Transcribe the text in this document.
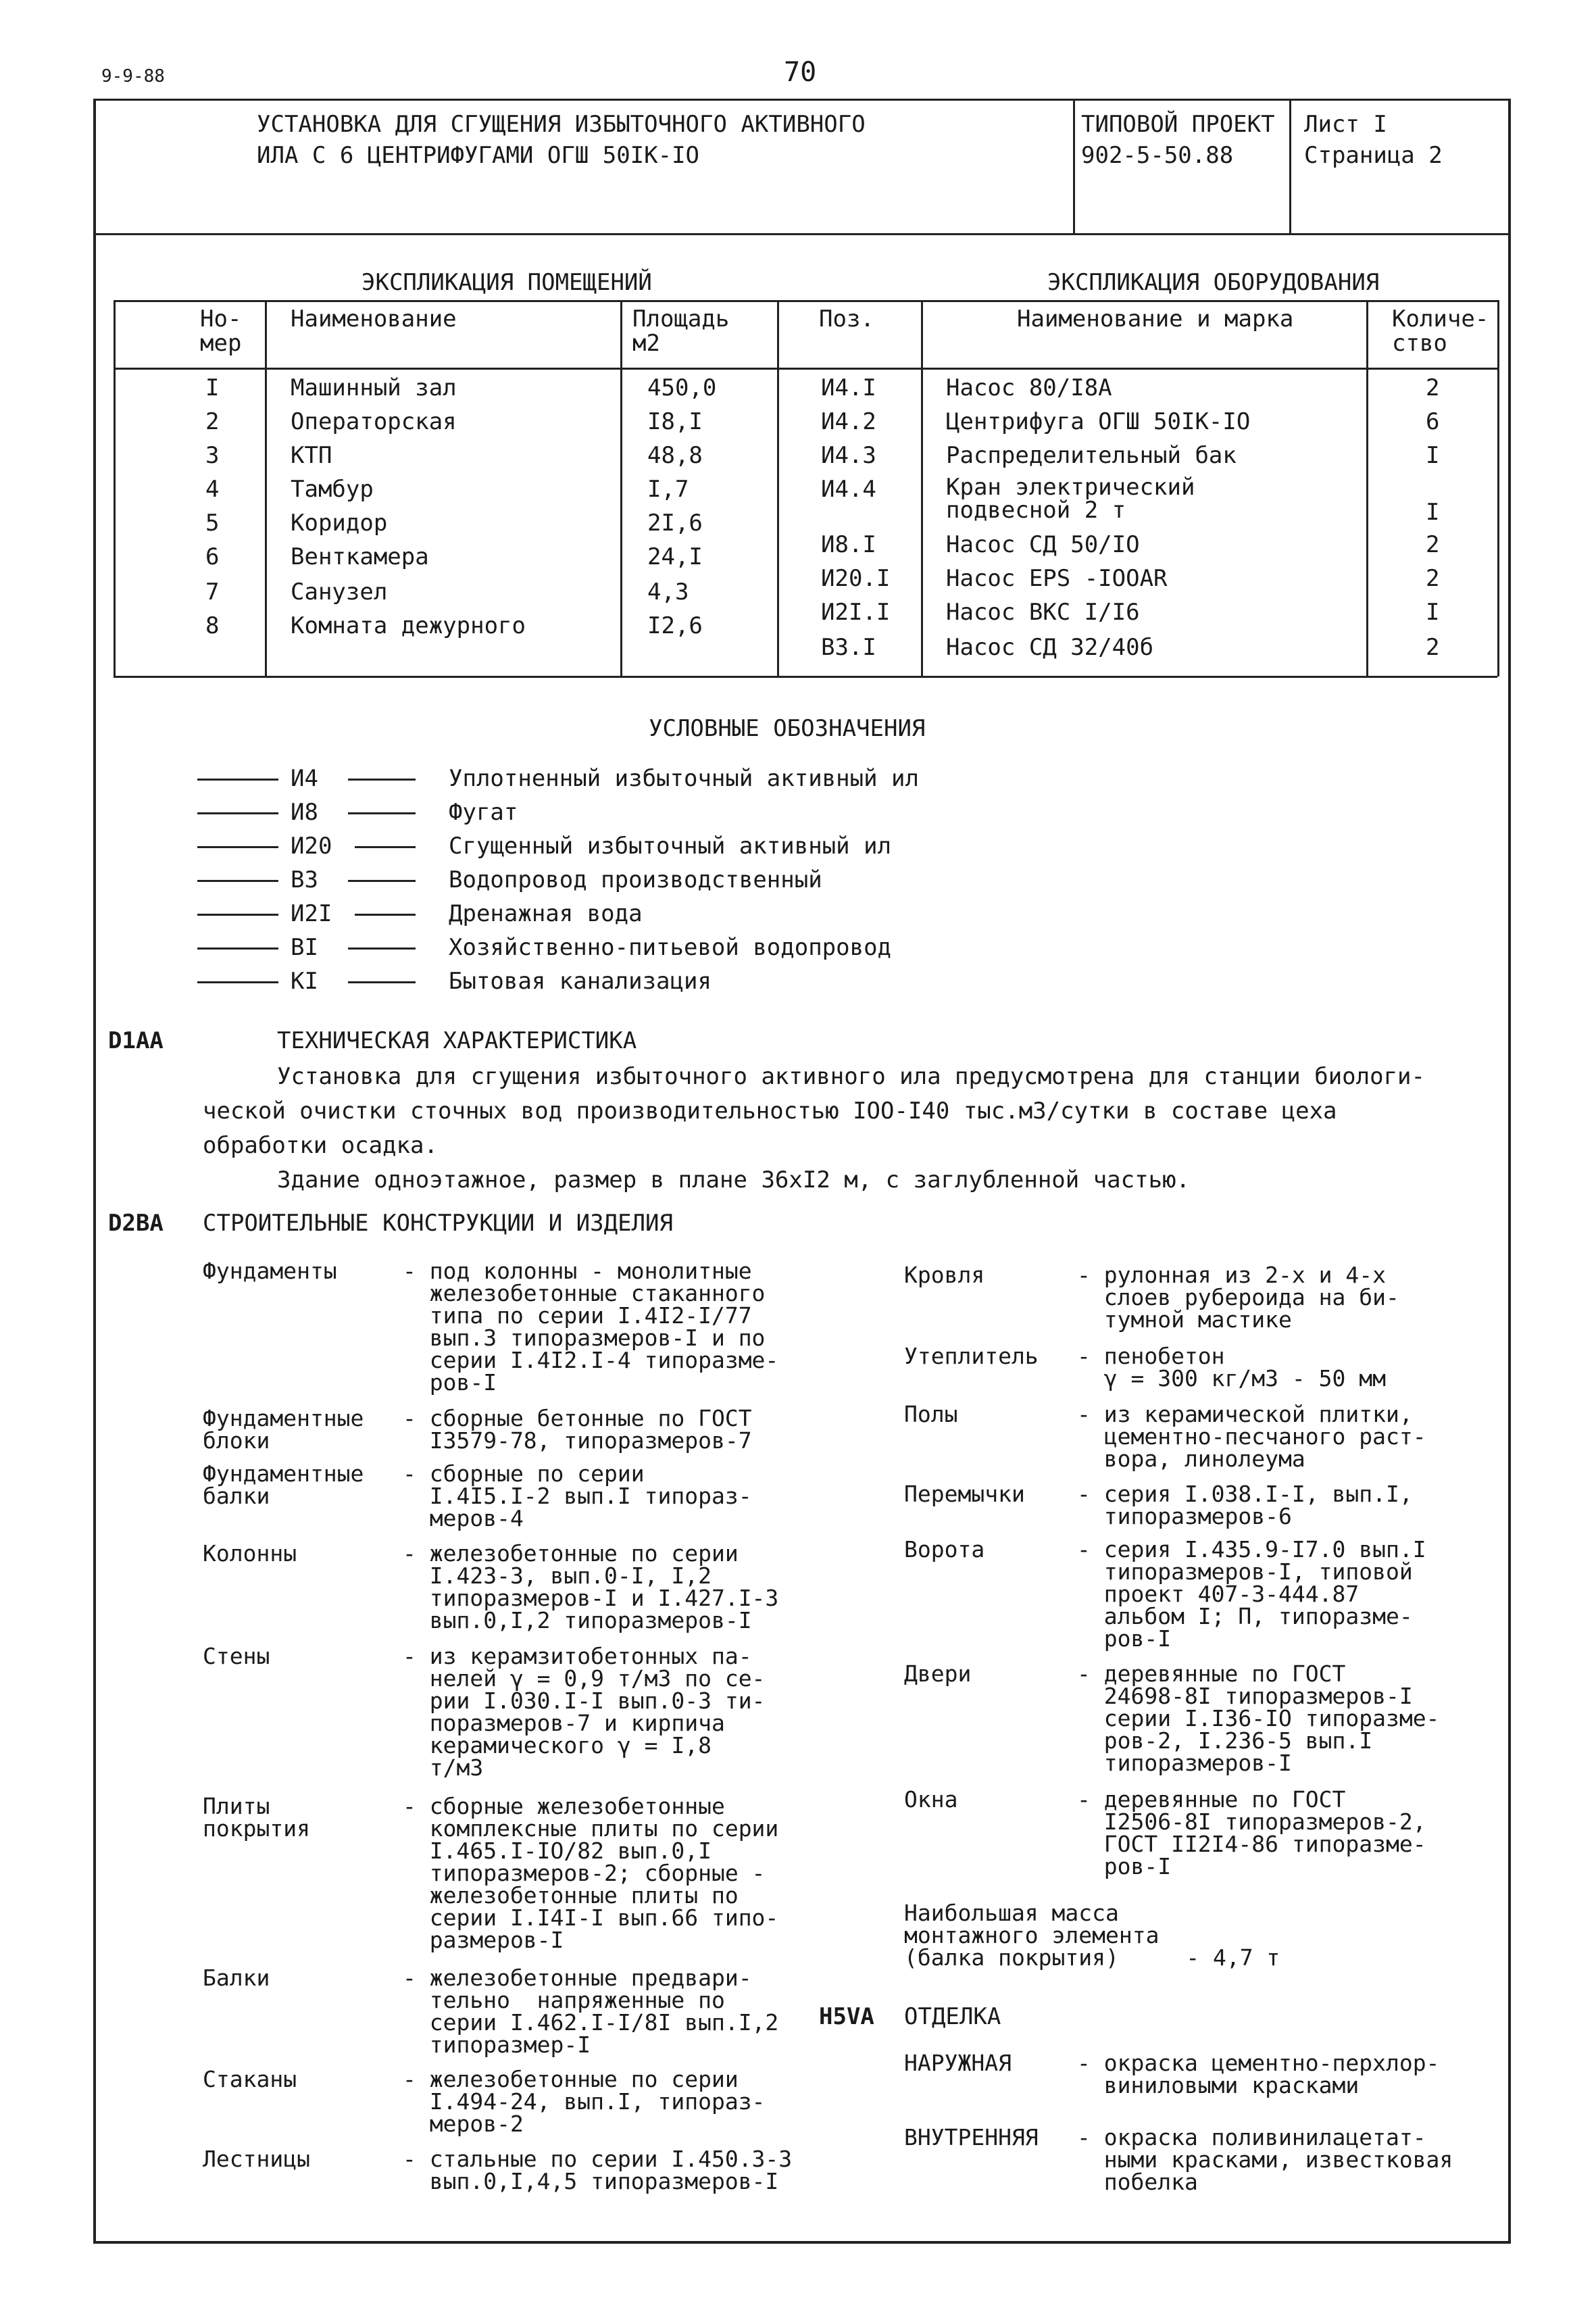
9-9-88	70
УСТАНОВКА ДЛЯ СГУЩЕНИЯ ИЗБЫТОЧНОГО АКТИВНОГО
ИЛА С 6 ЦЕНТРИФУГАМИ ОГШ 50IK-IO
ТИПОВОЙ ПРОЕКТ
902-5-50.88
Лист I
Страница 2
ЭКСПЛИКАЦИЯ ПОМЕЩЕНИЙ	ЭКСПЛИКАЦИЯ ОБОРУДОВАНИЯ
Но-
мер
Наименование	Площадь
м2
Поз.	Наименование и марка	Количе-
ство
I	Машинный зал	450,0
2	Операторская	I8,I
3	КТП	48,8
4	Тамбур	I,7
5	Коридор	2I,6
6	Венткамера	24,I
7	Санузел	4,3
8	Комната дежурного	I2,6
И4.I	Насос 80/I8A	2
И4.2	Центрифуга ОГШ 50IK-IO	6
И4.3	Распределительный бак	I
И4.4	Кран электрический
подвесной 2 т	I
И8.I	Насос СД 50/IO	2
И20.I Насос EPS -IOOAR	2
И2I.I Насос ВКС I/I6	I
В3.I	Насос СД 32/40б	2
УСЛОВНЫЕ ОБОЗНАЧЕНИЯ
И4	Уплотненный избыточный активный ил
И8	Фугат
И20	Сгущенный избыточный активный ил
В3	Водопровод производственный
И2I	Дренажная вода
ВI	Хозяйственно-питьевой водопровод
КI	Бытовая канализация
D1AA	ТЕХНИЧЕСКАЯ ХАРАКТЕРИСТИКА
Установка для сгущения избыточного активного ила предусмотрена для станции биологи-
ческой очистки сточных вод производительностью IOO-I40 тыс.м3/сутки в составе цеха
обработки осадка.
Здание одноэтажное, размер в плане 36хI2 м, с заглубленной частью.
D2BA СТРОИТЕЛЬНЫЕ КОНСТРУКЦИИ И ИЗДЕЛИЯ
Фундаменты	- под колонны - монолитные
железобетонные стаканного
типа по серии I.4I2-I/77
вып.3 типоразмеров-I и по
серии I.4I2.I-4 типоразме-
ров-I
Фундаментные
блоки
- сборные бетонные по ГОСТ
I3579-78, типоразмеров-7
Фундаментные
балки
- сборные по серии
I.4I5.I-2 вып.I типораз-
меров-4
Колонны	- железобетонные по серии
I.423-3, вып.0-I, I,2
типоразмеров-I и I.427.I-3
вып.0,I,2 типоразмеров-I
Стены	- из керамзитобетонных па-
нелей γ = 0,9 т/м3 по се-
рии I.030.I-I вып.0-3 ти-
поразмеров-7 и кирпича
керамического γ = I,8
т/м3
Плиты
покрытия
- сборные железобетонные
комплексные плиты по серии
I.465.I-IO/82 вып.0,I
типоразмеров-2; сборные -
железобетонные плиты по
серии I.I4I-I вып.66 типо-
размеров-I
Балки	- железобетонные предвари-
тельно  напряженные по
серии I.462.I-I/8I вып.I,2
типоразмер-I
Стаканы	- железобетонные по серии
I.494-24, вып.I, типораз-
меров-2
Лестницы	- стальные по серии I.450.3-3
вып.0,I,4,5 типоразмеров-I
Кровля	- рулонная из 2-х и 4-х
слоев рубероида на би-
тумной мастике
Утеплитель - пенобетон
γ = 300 кг/м3 - 50 мм
Полы	- из керамической плитки,
цементно-песчаного раст-
вора, линолеума
Перемычки - серия I.038.I-I, вып.I,
типоразмеров-6
Ворота	- серия I.435.9-I7.0 вып.I
типоразмеров-I, типовой
проект 407-3-444.87
альбом I; П, типоразме-
ров-I
Двери	- деревянные по ГОСТ
24698-8I типоразмеров-I
серии I.I36-IO типоразме-
ров-2, I.236-5 вып.I
типоразмеров-I
Окна	- деревянные по ГОСТ
I2506-8I типоразмеров-2,
ГОСТ II2I4-86 типоразме-
ров-I
Наибольшая масса
монтажного элемента
(балка покрытия)     - 4,7 т
H5VA ОТДЕЛКА
НАРУЖНАЯ	- окраска цементно-перхлор-
виниловыми красками
ВНУТРЕННЯЯ - окраска поливинилацетат-
ными красками, известковая
побелка
